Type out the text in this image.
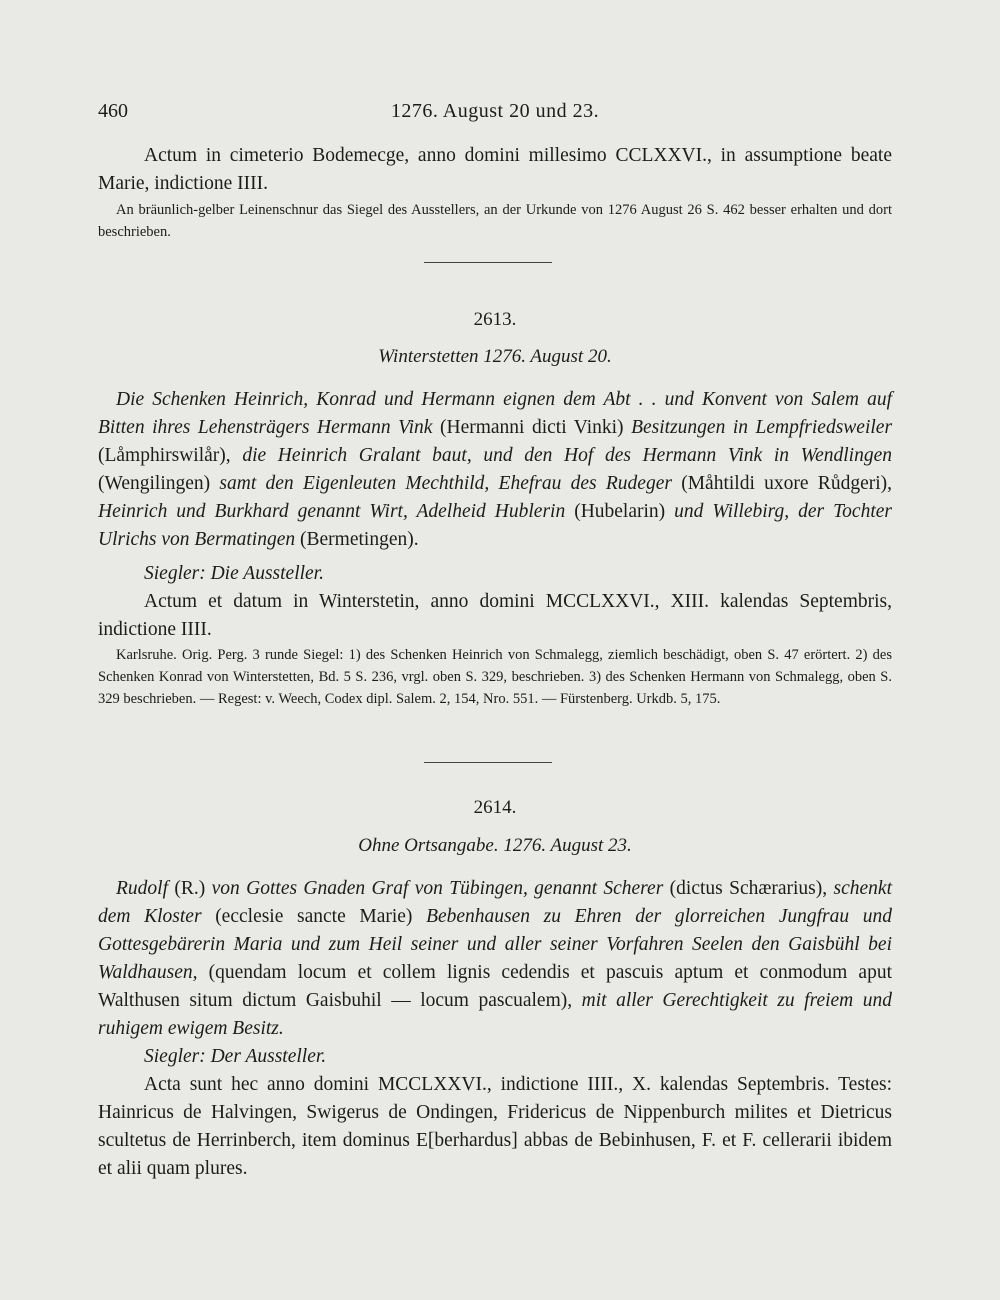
460	1276. August 20 und 23.

Actum in cimeterio Bodemecge, anno domini millesimo CCLXXVI., in assumptione beate Marie, indictione IIII.

An bräunlich-gelber Leinenschnur das Siegel des Ausstellers, an der Urkunde von 1276 August 26 S. 462 besser erhalten und dort beschrieben.

2613.
Winterstetten 1276. August 20.

Die Schenken Heinrich, Konrad und Hermann eignen dem Abt . . und Konvent von Salem auf Bitten ihres Lehensträgers Hermann Vink (Hermanni dicti Vinki) Besitzungen in Lempfriedsweiler (Låmphirswilår), die Heinrich Gralant baut, und den Hof des Hermann Vink in Wendlingen (Wengilingen) samt den Eigenleuten Mechthild, Ehefrau des Rudeger (Måhtildi uxore Růdgeri), Heinrich und Burkhard genannt Wirt, Adelheid Hublerin (Hubelarin) und Willebirg, der Tochter Ulrichs von Bermatingen (Bermetingen).

Siegler: Die Aussteller.

Actum et datum in Winterstetin, anno domini MCCLXXVI., XIII. kalendas Septembris, indictione IIII.

Karlsruhe. Orig. Perg. 3 runde Siegel: 1) des Schenken Heinrich von Schmalegg, ziemlich beschädigt, oben S. 47 erörtert. 2) des Schenken Konrad von Winterstetten, Bd. 5 S. 236, vrgl. oben S. 329, beschrieben. 3) des Schenken Hermann von Schmalegg, oben S. 329 beschrieben. — Regest: v. Weech, Codex dipl. Salem. 2, 154, Nro. 551. — Fürstenberg. Urkdb. 5, 175.

2614.
Ohne Ortsangabe. 1276. August 23.

Rudolf (R.) von Gottes Gnaden Graf von Tübingen, genannt Scherer (dictus Schærarius), schenkt dem Kloster (ecclesie sancte Marie) Bebenhausen zu Ehren der glorreichen Jungfrau und Gottesgebärerin Maria und zum Heil seiner und aller seiner Vorfahren Seelen den Gaisbühl bei Waldhausen, (quendam locum et collem lignis cedendis et pascuis aptum et conmodum aput Walthusen situm dictum Gaisbuhil — locum pascualem), mit aller Gerechtigkeit zu freiem und ruhigem ewigem Besitz.

Siegler: Der Aussteller.

Acta sunt hec anno domini MCCLXXVI., indictione IIII., X. kalendas Septembris. Testes: Hainricus de Halvingen, Swigerus de Ondingen, Fridericus de Nippenburch milites et Dietricus scultetus de Herrinberch, item dominus E[berhardus] abbas de Bebinhusen, F. et F. cellerarii ibidem et alii quam plures.
